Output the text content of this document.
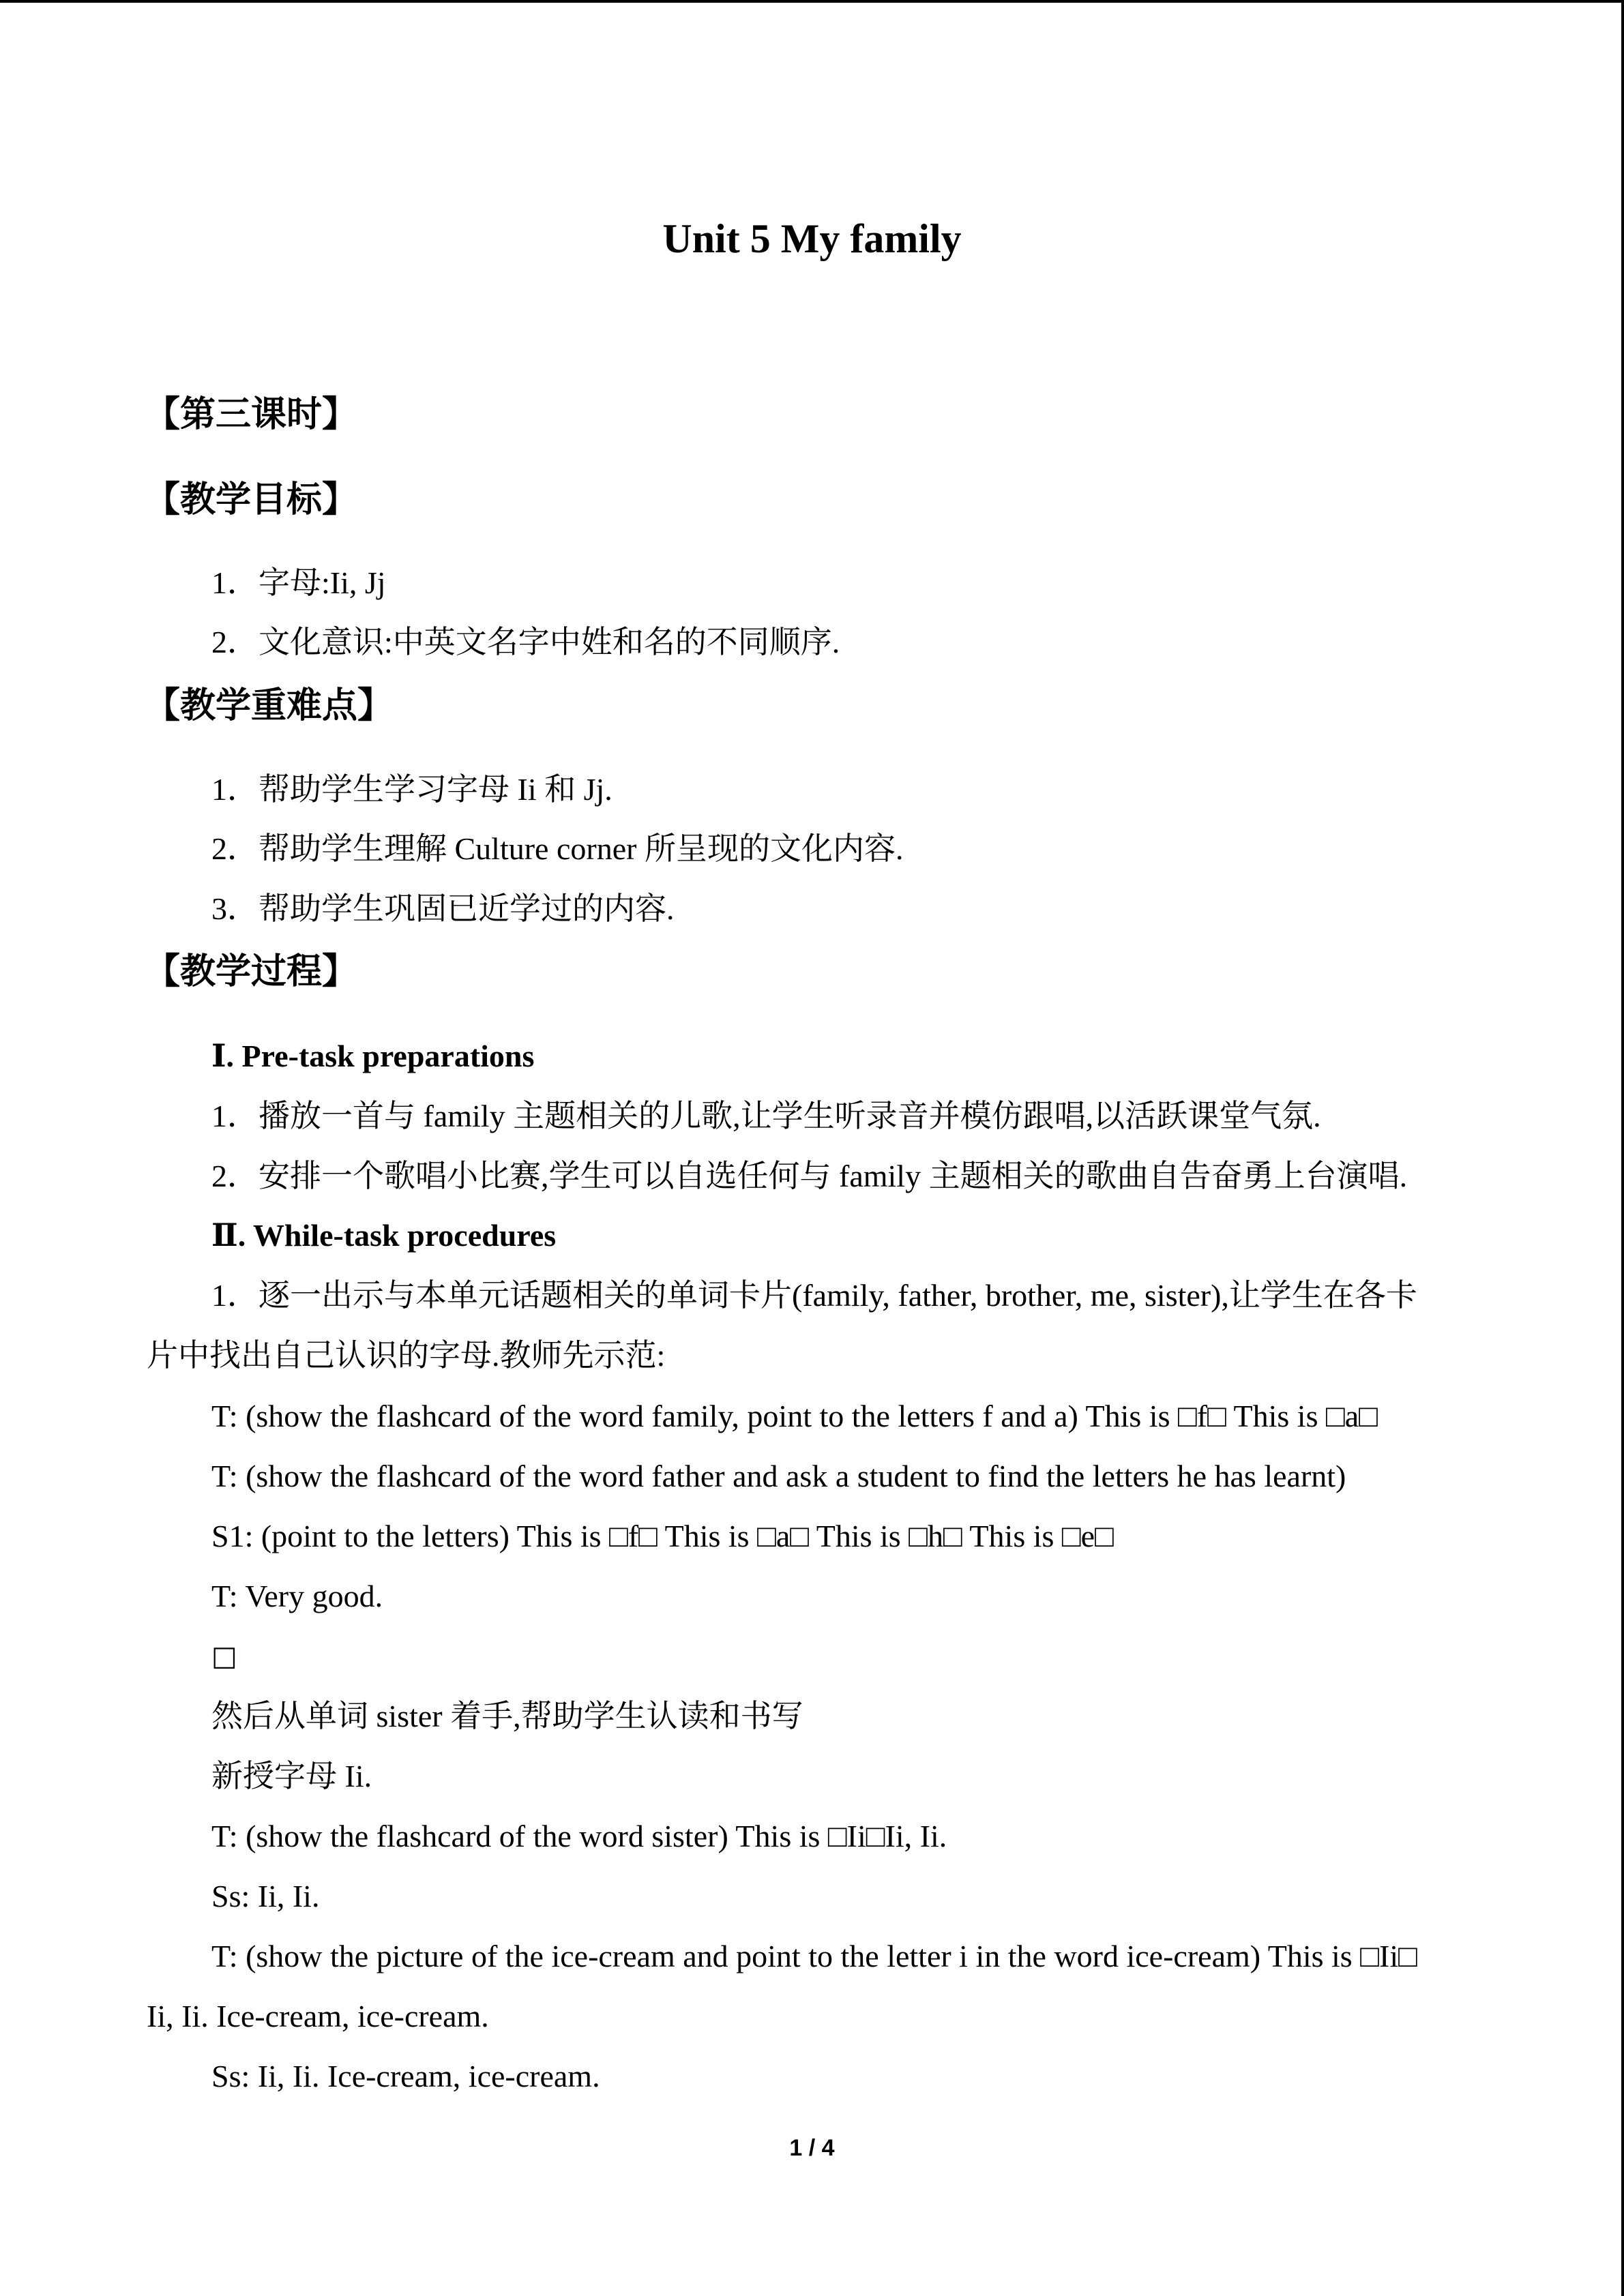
Unit 5 My family
【第三课时】
【教学目标】
1．字母:Ii, Jj
2．文化意识:中英文名字中姓和名的不同顺序.
【教学重难点】
1．帮助学生学习字母 Ii 和 Jj.
2．帮助学生理解 Culture corner 所呈现的文化内容.
3．帮助学生巩固已近学过的内容.
【教学过程】
Ⅰ. Pre-task preparations
1．播放一首与 family 主题相关的儿歌,让学生听录音并模仿跟唱,以活跃课堂气氛.
2．安排一个歌唱小比赛,学生可以自选任何与 family 主题相关的歌曲自告奋勇上台演唱.
Ⅱ. While-task procedures
1．逐一出示与本单元话题相关的单词卡片(family, father, brother, me, sister),让学生在各卡
片中找出自己认识的字母.教师先示范:
T: (show the flashcard of the word family, point to the letters f and a) This is □f□ This is □a□
T: (show the flashcard of the word father and ask a student to find the letters he has learnt)
S1: (point to the letters) This is □f□ This is □a□ This is □h□ This is □e□
T: Very good.
□
然后从单词 sister 着手,帮助学生认读和书写
新授字母 Ii.
T: (show the flashcard of the word sister) This is □Ii□Ii, Ii.
Ss: Ii, Ii.
T: (show the picture of the ice-cream and point to the letter i in the word ice-cream) This is □Ii□
Ii, Ii. Ice-cream, ice-cream.
Ss: Ii, Ii. Ice-cream, ice-cream.
1 / 4
